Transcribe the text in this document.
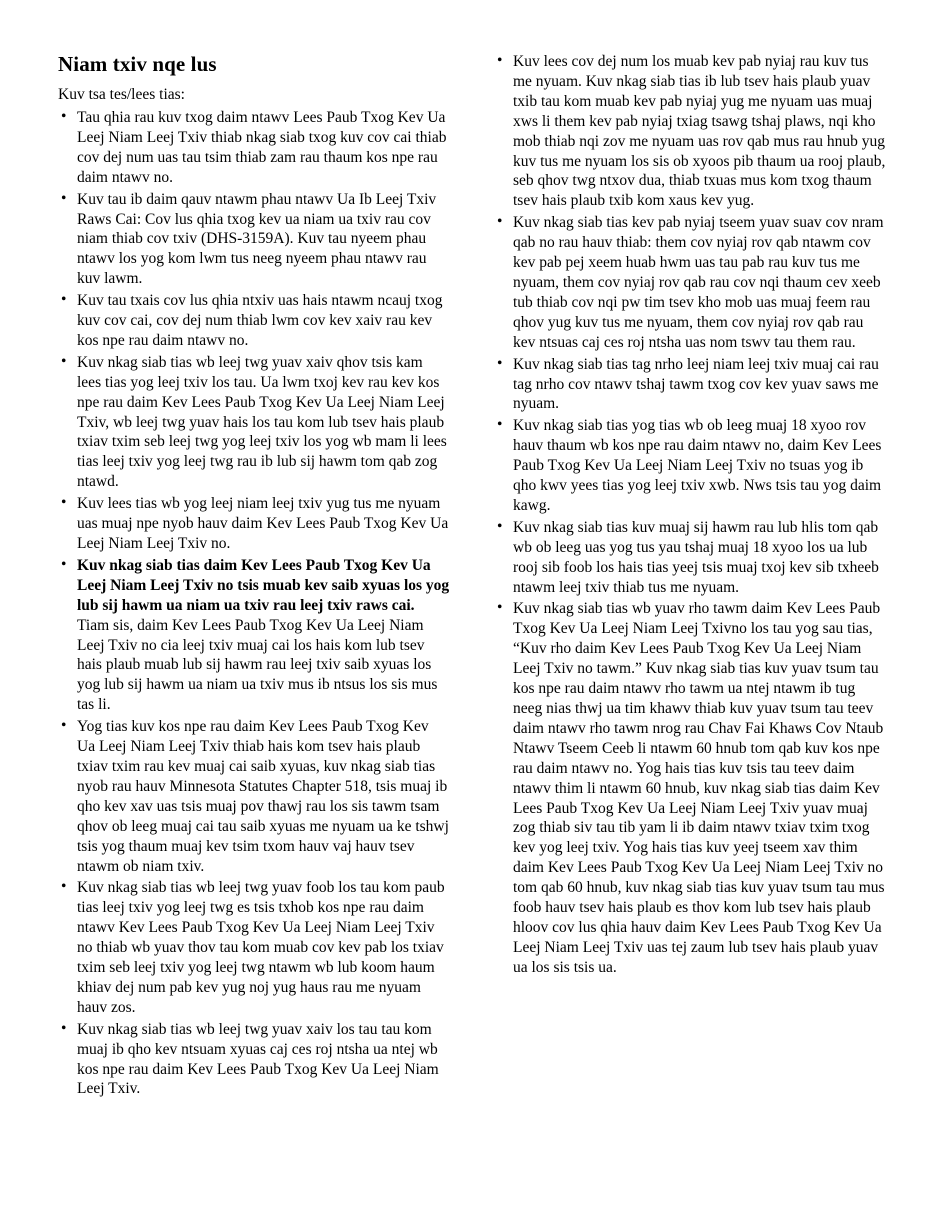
Niam txiv nqe lus

Kuv tsa tes/lees tias:

• Tau qhia rau kuv txog daim ntawv Lees Paub Txog Kev Ua Leej Niam Leej Txiv thiab nkag siab txog kuv cov cai thiab cov dej num uas tau tsim thiab zam rau thaum kos npe rau daim ntawv no.
• Kuv tau ib daim qauv ntawm phau ntawv Ua Ib Leej Txiv Raws Cai: Cov lus qhia txog kev ua niam ua txiv rau cov niam thiab cov txiv (DHS-3159A). Kuv tau nyeem phau ntawv los yog kom lwm tus neeg nyeem phau ntawv rau kuv lawm.
• Kuv tau txais cov lus qhia ntxiv uas hais ntawm ncauj txog kuv cov cai, cov dej num thiab lwm cov kev xaiv rau kev kos npe rau daim ntawv no.
• Kuv nkag siab tias wb leej twg yuav xaiv qhov tsis kam lees tias yog leej txiv los tau. Ua lwm txoj kev rau kev kos npe rau daim Kev Lees Paub Txog Kev Ua Leej Niam Leej Txiv, wb leej twg yuav hais los tau kom lub tsev hais plaub txiav txim seb leej twg yog leej txiv los yog wb mam li lees tias leej txiv yog leej twg rau ib lub sij hawm tom qab zog ntawd.
• Kuv lees tias wb yog leej niam leej txiv yug tus me nyuam uas muaj npe nyob hauv daim Kev Lees Paub Txog Kev Ua Leej Niam Leej Txiv no.
• Kuv nkag siab tias daim Kev Lees Paub Txog Kev Ua Leej Niam Leej Txiv no tsis muab kev saib xyuas los yog lub sij hawm ua niam ua txiv rau leej txiv raws cai. Tiam sis, daim Kev Lees Paub Txog Kev Ua Leej Niam Leej Txiv no cia leej txiv muaj cai los hais kom lub tsev hais plaub muab lub sij hawm rau leej txiv saib xyuas los yog lub sij hawm ua niam ua txiv mus ib ntsus los sis mus tas li.
• Yog tias kuv kos npe rau daim Kev Lees Paub Txog Kev Ua Leej Niam Leej Txiv thiab hais kom tsev hais plaub txiav txim rau kev muaj cai saib xyuas, kuv nkag siab tias nyob rau hauv Minnesota Statutes Chapter 518, tsis muaj ib qho kev xav uas tsis muaj pov thawj rau los sis tawm tsam qhov ob leeg muaj cai tau saib xyuas me nyuam ua ke tshwj tsis yog thaum muaj kev tsim txom hauv vaj hauv tsev ntawm ob niam txiv.
• Kuv nkag siab tias wb leej twg yuav foob los tau kom paub tias leej txiv yog leej twg es tsis txhob kos npe rau daim ntawv Kev Lees Paub Txog Kev Ua Leej Niam Leej Txiv no thiab wb yuav thov tau kom muab cov kev pab los txiav txim seb leej txiv yog leej twg ntawm wb lub koom haum khiav dej num pab kev yug noj yug haus rau me nyuam hauv zos.
• Kuv nkag siab tias wb leej twg yuav xaiv los tau tau kom muaj ib qho kev ntsuam xyuas caj ces roj ntsha ua ntej wb kos npe rau daim Kev Lees Paub Txog Kev Ua Leej Niam Leej Txiv.
• Kuv lees cov dej num los muab kev pab nyiaj rau kuv tus me nyuam. Kuv nkag siab tias ib lub tsev hais plaub yuav txib tau kom muab kev pab nyiaj yug me nyuam uas muaj xws li them kev pab nyiaj txiag tsawg tshaj plaws, nqi kho mob thiab nqi zov me nyuam uas rov qab mus rau hnub yug kuv tus me nyuam los sis ob xyoos pib thaum ua rooj plaub, seb qhov twg ntxov dua, thiab txuas mus kom txog thaum tsev hais plaub txib kom xaus kev yug.
• Kuv nkag siab tias kev pab nyiaj tseem yuav suav cov nram qab no rau hauv thiab: them cov nyiaj rov qab ntawm cov kev pab pej xeem huab hwm uas tau pab rau kuv tus me nyuam, them cov nyiaj rov qab rau cov nqi thaum cev xeeb tub thiab cov nqi pw tim tsev kho mob uas muaj feem rau qhov yug kuv tus me nyuam, them cov nyiaj rov qab rau kev ntsuas caj ces roj ntsha uas nom tswv tau them rau.
• Kuv nkag siab tias tag nrho leej niam leej txiv muaj cai rau tag nrho cov ntawv tshaj tawm txog cov kev yuav saws me nyuam.
• Kuv nkag siab tias yog tias wb ob leeg muaj 18 xyoo rov hauv thaum wb kos npe rau daim ntawv no, daim Kev Lees Paub Txog Kev Ua Leej Niam Leej Txiv no tsuas yog ib qho kwv yees tias yog leej txiv xwb. Nws tsis tau yog daim kawg.
• Kuv nkag siab tias kuv muaj sij hawm rau lub hlis tom qab wb ob leeg uas yog tus yau tshaj muaj 18 xyoo los ua lub rooj sib foob los hais tias yeej tsis muaj txoj kev sib txheeb ntawm leej txiv thiab tus me nyuam.
• Kuv nkag siab tias wb yuav rho tawm daim Kev Lees Paub Txog Kev Ua Leej Niam Leej Txivno los tau yog sau tias, “Kuv rho daim Kev Lees Paub Txog Kev Ua Leej Niam Leej Txiv no tawm.” Kuv nkag siab tias kuv yuav tsum tau kos npe rau daim ntawv rho tawm ua ntej ntawm ib tug neeg nias thwj ua tim khawv thiab kuv yuav tsum tau teev daim ntawv rho tawm nrog rau Chav Fai Khaws Cov Ntaub Ntawv Tseem Ceeb li ntawm 60 hnub tom qab kuv kos npe rau daim ntawv no. Yog hais tias kuv tsis tau teev daim ntawv thim li ntawm 60 hnub, kuv nkag siab tias daim Kev Lees Paub Txog Kev Ua Leej Niam Leej Txiv yuav muaj zog thiab siv tau tib yam li ib daim ntawv txiav txim txog kev yog leej txiv. Yog hais tias kuv yeej tseem xav thim daim Kev Lees Paub Txog Kev Ua Leej Niam Leej Txiv no tom qab 60 hnub, kuv nkag siab tias kuv yuav tsum tau mus foob hauv tsev hais plaub es thov kom lub tsev hais plaub hloov cov lus qhia hauv daim Kev Lees Paub Txog Kev Ua Leej Niam Leej Txiv uas tej zaum lub tsev hais plaub yuav ua los sis tsis ua.
